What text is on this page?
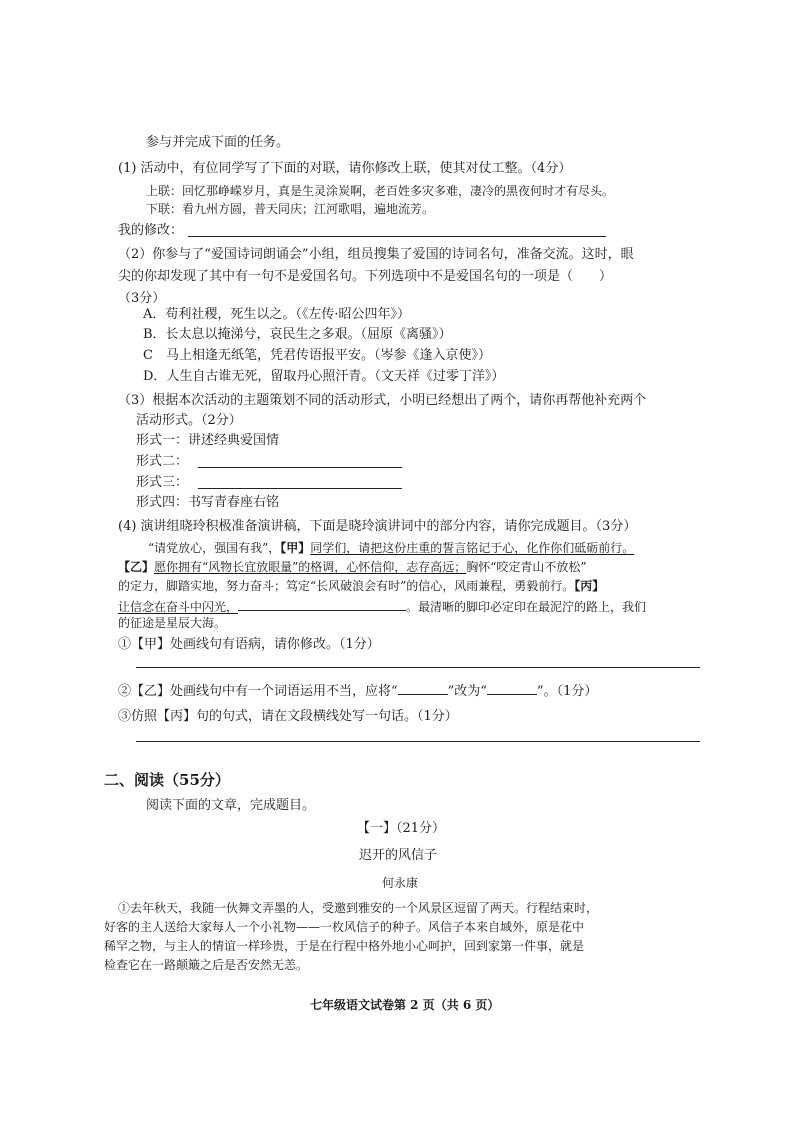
参与并完成下面的任务。
(1) 活动中，有位同学写了下面的对联，请你修改上联，使其对仗工整。（4分）
上联：回忆那峥嵘岁月，真是生灵涂炭啊，老百姓多灾多难，凄冷的黑夜何时才有尽头。
下联：看九州方圆，普天同庆；江河歌唱，遍地流芳。
我的修改：
（2）你参与了“爱国诗词朗诵会”小组，组员搜集了爱国的诗词名句，准备交流。这时，眼
尖的你却发现了其中有一句不是爱国名句。下列选项中不是爱国名句的一项是（　　）
（3分）
A．苟利社稷，死生以之。（《左传·昭公四年》）
B．长太息以掩涕兮，哀民生之多艰。（屈原《离骚》）
C　马上相逢无纸笔，凭君传语报平安。（岑参《逢入京使》）
D．人生自古谁无死，留取丹心照汗青。（文天祥《过零丁洋》）
（3）根据本次活动的主题策划不同的活动形式，小明已经想出了两个，请你再帮他补充两个
活动形式。（2分）
形式一：讲述经典爱国情
形式二：
形式三：
形式四：书写青春座右铭
(4) 演讲组晓玲积极准备演讲稿，下面是晓玲演讲词中的部分内容，请你完成题目。（3分）
“请党放心，强国有我”，【甲】同学们，请把这份庄重的誓言铭记于心，化作你们砥砺前行。
【乙】愿你拥有“风物长宜放眼量”的格调，心怀信仰，志存高远；胸怀“咬定青山不放松”
的定力，脚踏实地，努力奋斗；笃定“长风破浪会有时”的信心，风雨兼程，勇毅前行。【丙】
让信念在奋斗中闪光，	。最清晰的脚印必定印在最泥泞的路上，我们
的征途是星辰大海。
①【甲】处画线句有语病，请你修改。（1分）
②【乙】处画线句中有一个词语运用不当，应将“	”改为“	”。（1分）
③仿照【丙】句的句式，请在文段横线处写一句话。（1分）
二、阅读（55分）
阅读下面的文章，完成题目。
【一】（21分）
迟开的风信子
何永康
①去年秋天，我随一伙舞文弄墨的人，受邀到雅安的一个风景区逗留了两天。行程结束时，
好客的主人送给大家每人一个小礼物——一枚风信子的种子。风信子本来自域外，原是花中
稀罕之物，与主人的情谊一样珍贵，于是在行程中格外地小心呵护，回到家第一件事，就是
检查它在一路颠簸之后是否安然无恙。
七年级语文试卷第 2 页（共 6 页）
